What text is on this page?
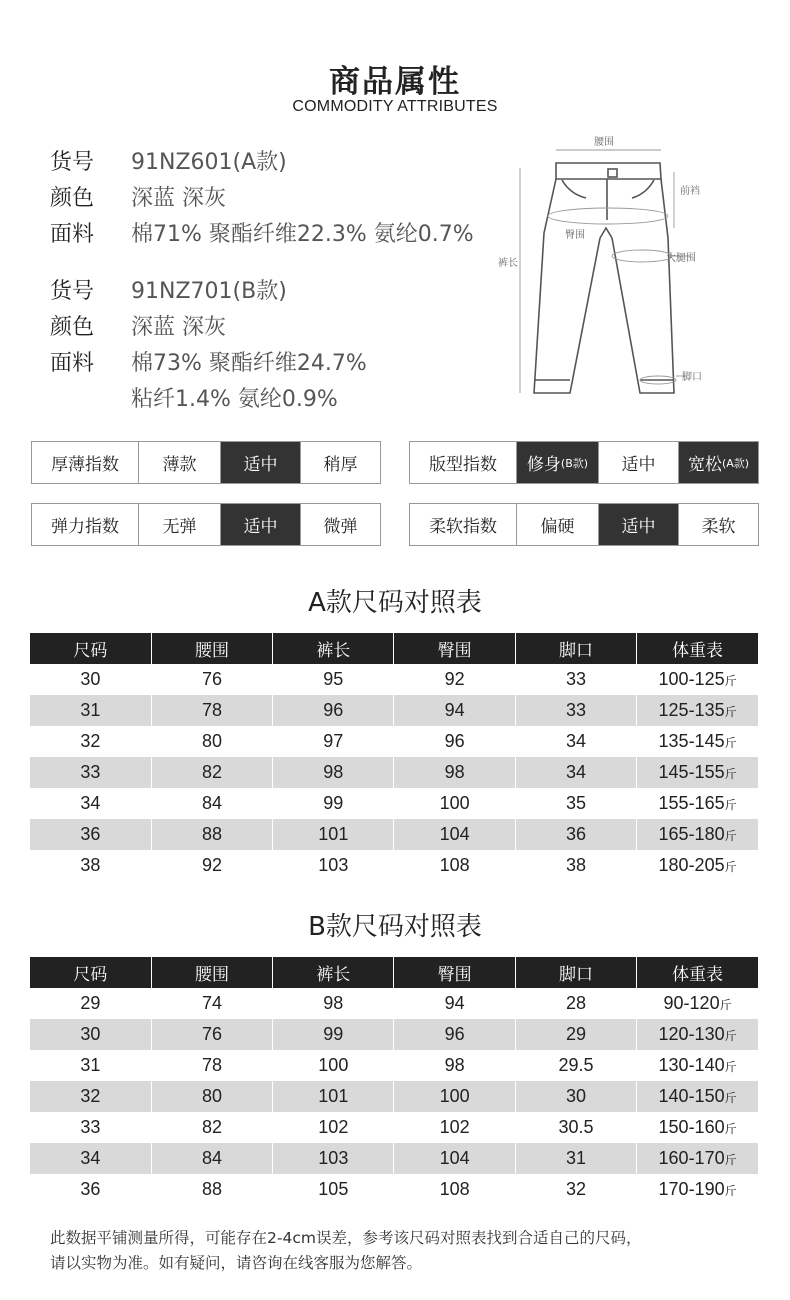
商品属性
COMMODITY ATTRIBUTES
货号	91NZ601(A款)
颜色	深蓝 深灰
面料	棉71% 聚酯纤维22.3% 氨纶0.7%
货号	91NZ701(B款)
颜色	深蓝 深灰
面料	棉73% 聚酯纤维24.7%
粘纤1.4% 氨纶0.9%
腰围
前裆
臀围
裤长	大腿围
脚口
厚薄指数	薄款	适中	稍厚	版型指数	修身 (B款)	适中	宽松 (A款)
弹力指数	无弹	适中	微弹	柔软指数	偏硬	适中	柔软
A款尺码对照表
尺码	腰围	裤长	臀围	脚口	体重表
30	76	95	92	33	100-125斤
31	78	96	94	33	125-135斤
32	80	97	96	34	135-145斤
33	82	98	98	34	145-155斤
34	84	99	100	35	155-165斤
36	88	101	104	36	165-180斤
38	92	103	108	38	180-205斤
B款尺码对照表
尺码	腰围	裤长	臀围	脚口	体重表
29	74	98	94	28	90-120斤
30	76	99	96	29	120-130斤
31	78	100	98	29.5	130-140斤
32	80	101	100	30	140-150斤
33	82	102	102	30.5	150-160斤
34	84	103	104	31	160-170斤
36	88	105	108	32	170-190斤
此数据平铺测量所得，可能存在2-4cm误差，参考该尺码对照表找到合适自己的尺码，
请以实物为准。如有疑问，请咨询在线客服为您解答。
